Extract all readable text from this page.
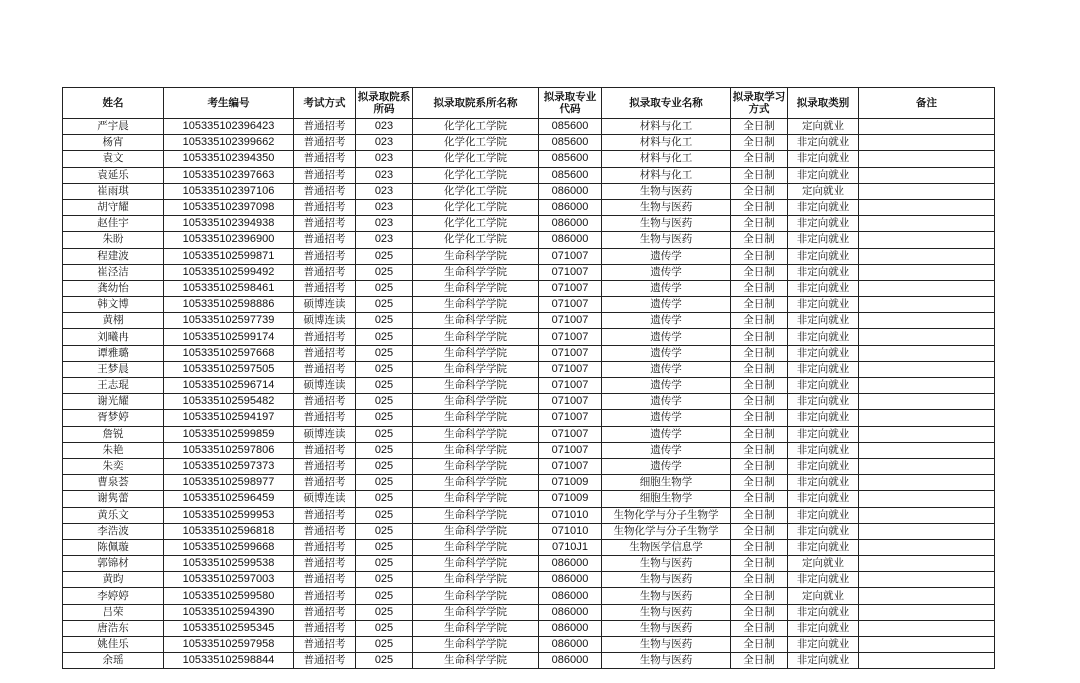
姓名	考生编号	考试方式	拟录取院系所码	拟录取院系所名称	拟录取专业代码	拟录取专业名称	拟录取学习方式	拟录取类别	备注
严宇晨	105335102396423	普通招考	023	化学化工学院	085600	材料与化工	全日制	定向就业	
杨宵	105335102399662	普通招考	023	化学化工学院	085600	材料与化工	全日制	非定向就业	
袁文	105335102394350	普通招考	023	化学化工学院	085600	材料与化工	全日制	非定向就业	
袁延乐	105335102397663	普通招考	023	化学化工学院	085600	材料与化工	全日制	非定向就业	
崔雨琪	105335102397106	普通招考	023	化学化工学院	086000	生物与医药	全日制	定向就业	
胡守耀	105335102397098	普通招考	023	化学化工学院	086000	生物与医药	全日制	非定向就业	
赵佳宇	105335102394938	普通招考	023	化学化工学院	086000	生物与医药	全日制	非定向就业	
朱盼	105335102396900	普通招考	023	化学化工学院	086000	生物与医药	全日制	非定向就业	
程建波	105335102599871	普通招考	025	生命科学学院	071007	遗传学	全日制	非定向就业	
崔泾洁	105335102599492	普通招考	025	生命科学学院	071007	遗传学	全日制	非定向就业	
龚幼怡	105335102598461	普通招考	025	生命科学学院	071007	遗传学	全日制	非定向就业	
韩文博	105335102598886	硕博连读	025	生命科学学院	071007	遗传学	全日制	非定向就业	
黄栩	105335102597739	硕博连读	025	生命科学学院	071007	遗传学	全日制	非定向就业	
刘曦冉	105335102599174	普通招考	025	生命科学学院	071007	遗传学	全日制	非定向就业	
谭雅璐	105335102597668	普通招考	025	生命科学学院	071007	遗传学	全日制	非定向就业	
王梦晨	105335102597505	普通招考	025	生命科学学院	071007	遗传学	全日制	非定向就业	
王志琨	105335102596714	硕博连读	025	生命科学学院	071007	遗传学	全日制	非定向就业	
谢光耀	105335102595482	普通招考	025	生命科学学院	071007	遗传学	全日制	非定向就业	
胥梦婷	105335102594197	普通招考	025	生命科学学院	071007	遗传学	全日制	非定向就业	
詹锐	105335102599859	硕博连读	025	生命科学学院	071007	遗传学	全日制	非定向就业	
朱艳	105335102597806	普通招考	025	生命科学学院	071007	遗传学	全日制	非定向就业	
朱奕	105335102597373	普通招考	025	生命科学学院	071007	遗传学	全日制	非定向就业	
曹泉荟	105335102598977	普通招考	025	生命科学学院	071009	细胞生物学	全日制	非定向就业	
谢隽蕾	105335102596459	硕博连读	025	生命科学学院	071009	细胞生物学	全日制	非定向就业	
黄乐文	105335102599953	普通招考	025	生命科学学院	071010	生物化学与分子生物学	全日制	非定向就业	
李浩波	105335102596818	普通招考	025	生命科学学院	071010	生物化学与分子生物学	全日制	非定向就业	
陈佩璇	105335102599668	普通招考	025	生命科学学院	0710J1	生物医学信息学	全日制	非定向就业	
郭锦材	105335102599538	普通招考	025	生命科学学院	086000	生物与医药	全日制	定向就业	
黄昀	105335102597003	普通招考	025	生命科学学院	086000	生物与医药	全日制	非定向就业	
李婷婷	105335102599580	普通招考	025	生命科学学院	086000	生物与医药	全日制	定向就业	
吕荣	105335102594390	普通招考	025	生命科学学院	086000	生物与医药	全日制	非定向就业	
唐浩东	105335102595345	普通招考	025	生命科学学院	086000	生物与医药	全日制	非定向就业	
姚佳乐	105335102597958	普通招考	025	生命科学学院	086000	生物与医药	全日制	非定向就业	
余瑶	105335102598844	普通招考	025	生命科学学院	086000	生物与医药	全日制	非定向就业	
